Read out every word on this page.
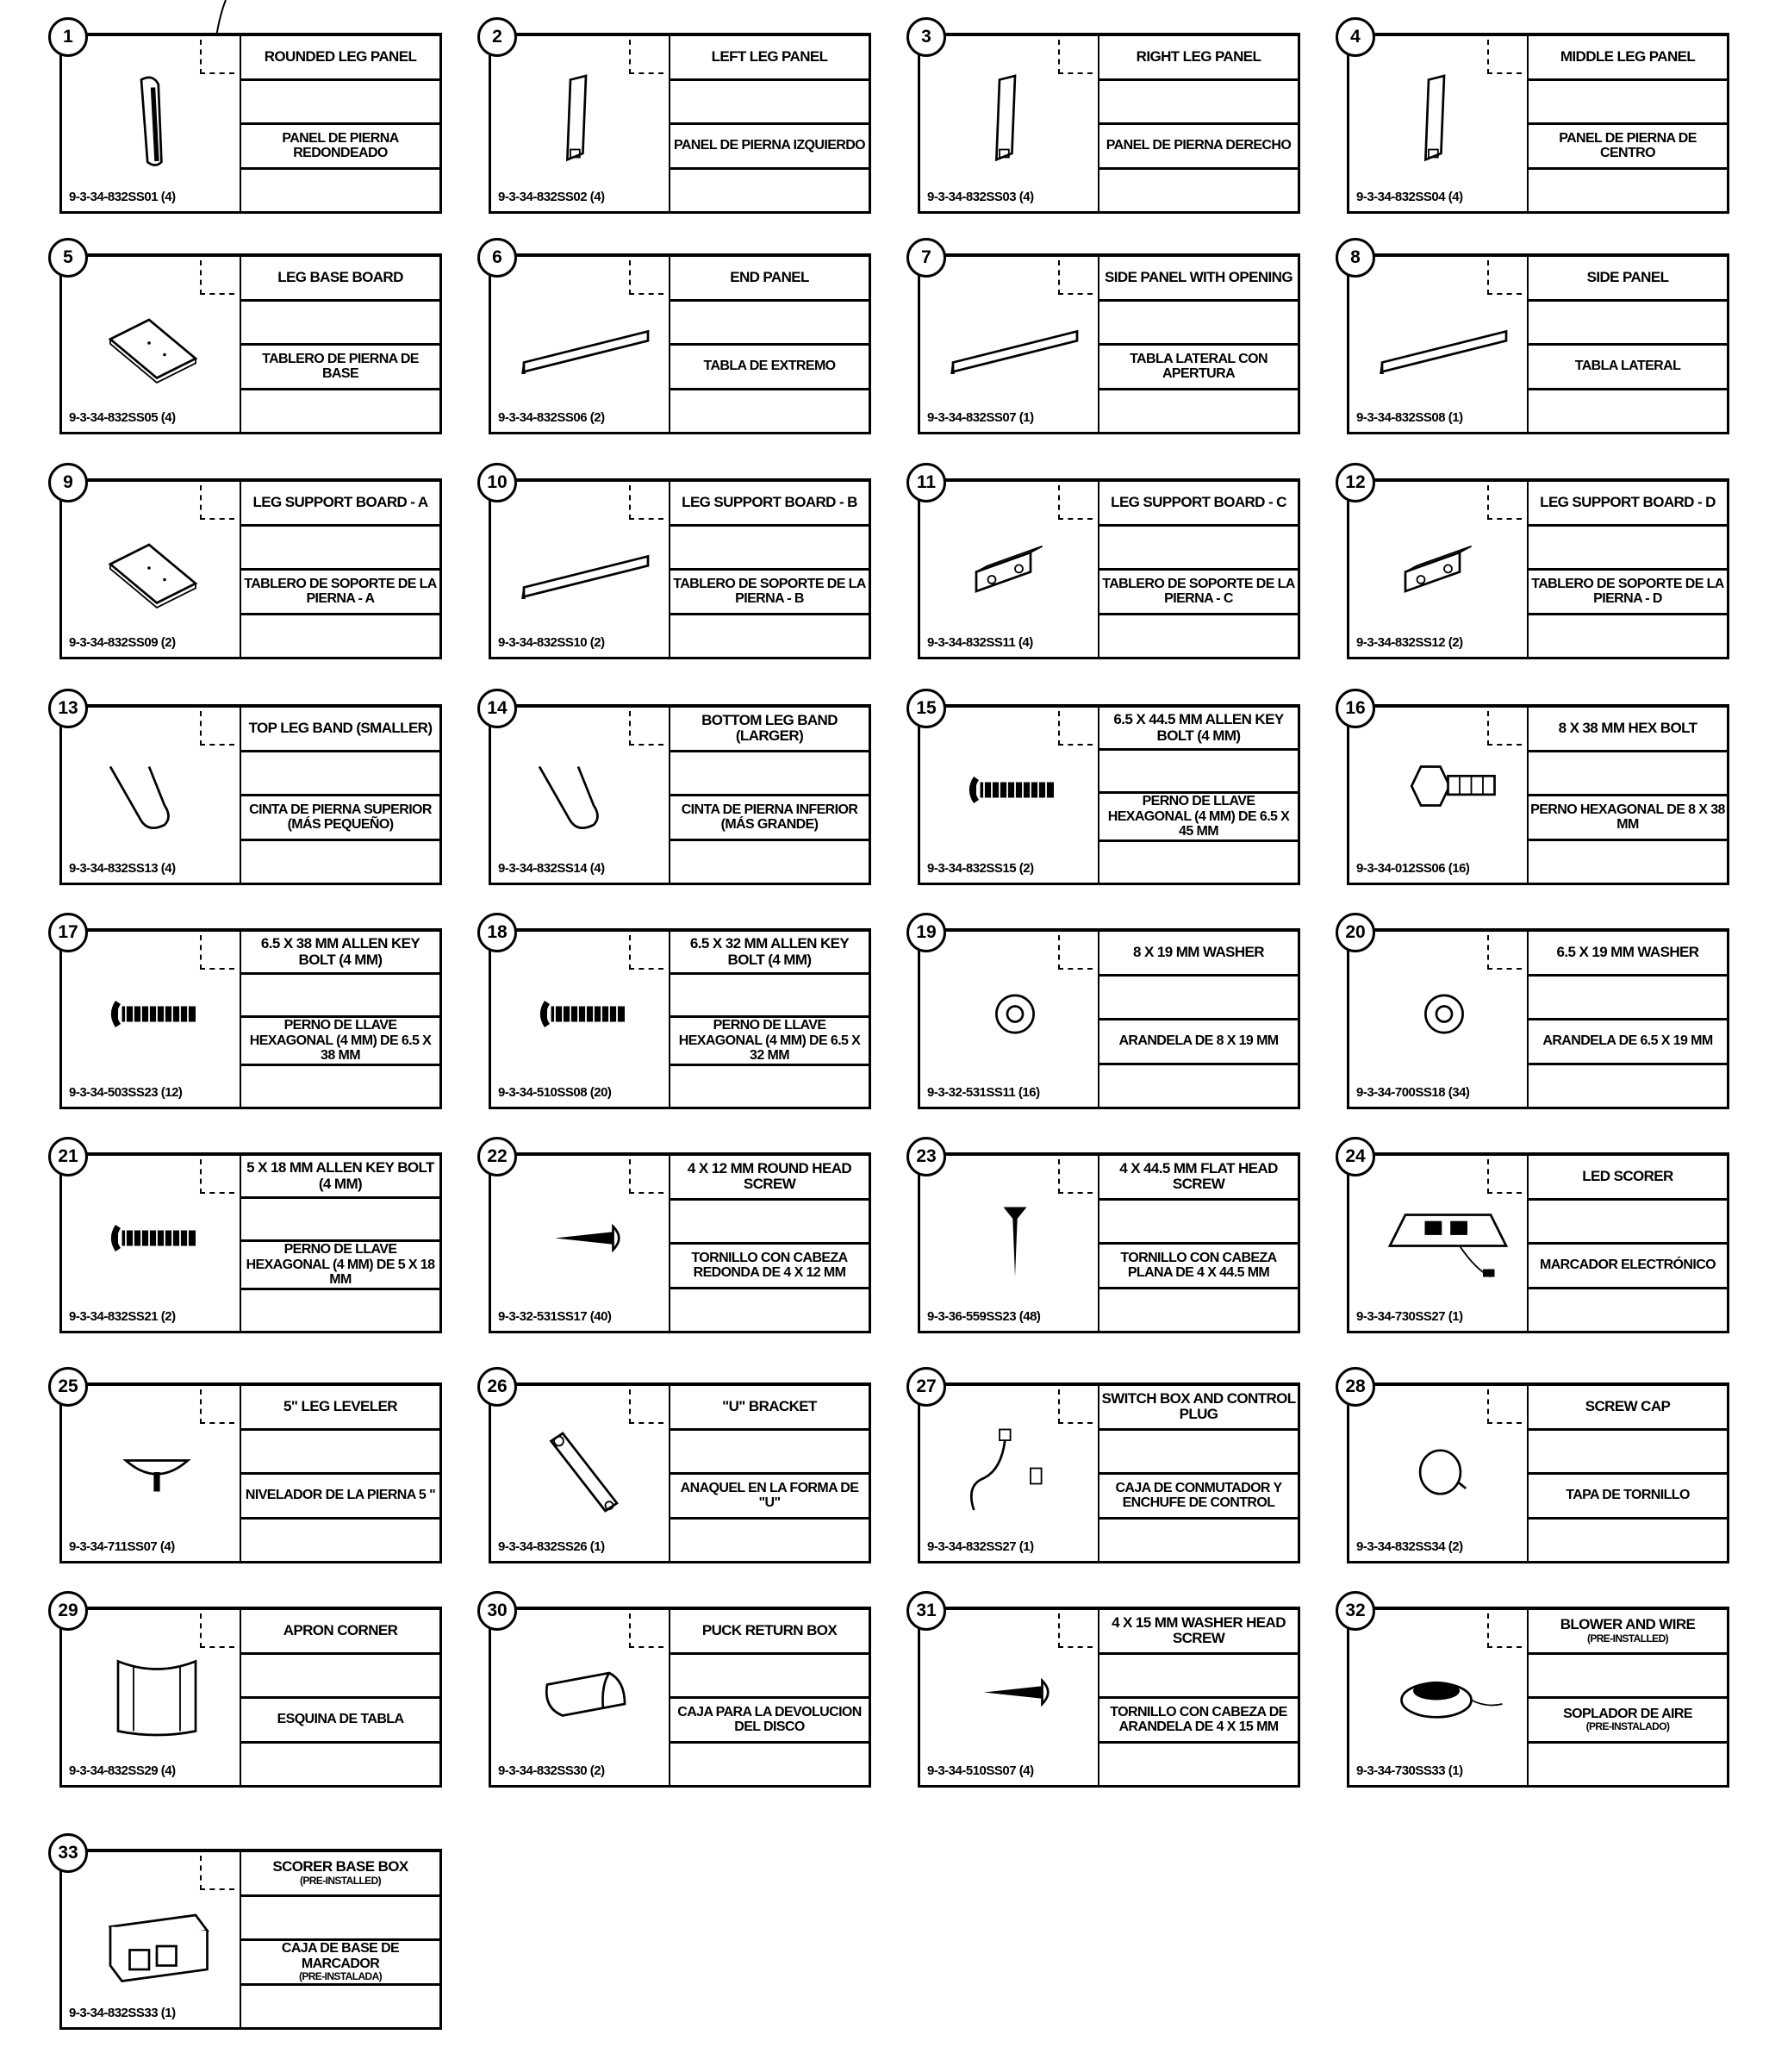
1
9-3-34-832SS01 (4)
ROUNDED LEG PANEL
PANEL DE PIERNA REDONDEADO
2
9-3-34-832SS02 (4)
LEFT LEG PANEL
PANEL DE PIERNA IZQUIERDO
3
9-3-34-832SS03 (4)
RIGHT LEG PANEL
PANEL DE PIERNA DERECHO
4
9-3-34-832SS04 (4)
MIDDLE LEG PANEL
PANEL DE PIERNA DE CENTRO
5
9-3-34-832SS05 (4)
LEG BASE BOARD
TABLERO DE PIERNA DE BASE
6
9-3-34-832SS06 (2)
END PANEL
TABLA DE EXTREMO
7
9-3-34-832SS07 (1)
SIDE PANEL WITH OPENING
TABLA LATERAL CON APERTURA
8
9-3-34-832SS08 (1)
SIDE PANEL
TABLA LATERAL
9
9-3-34-832SS09 (2)
LEG SUPPORT BOARD - A
TABLERO DE SOPORTE DE LA PIERNA - A
10
9-3-34-832SS10 (2)
LEG SUPPORT BOARD - B
TABLERO DE SOPORTE DE LA PIERNA - B
11
9-3-34-832SS11 (4)
LEG SUPPORT BOARD - C
TABLERO DE SOPORTE DE LA PIERNA - C
12
9-3-34-832SS12 (2)
LEG SUPPORT BOARD - D
TABLERO DE SOPORTE DE LA PIERNA - D
13
9-3-34-832SS13 (4)
TOP LEG BAND (SMALLER)
CINTA DE PIERNA SUPERIOR (MÁS PEQUEÑO)
14
9-3-34-832SS14 (4)
BOTTOM LEG BAND (LARGER)
CINTA DE PIERNA INFERIOR (MÁS GRANDE)
15
9-3-34-832SS15 (2)
6.5 X 44.5 MM ALLEN KEY BOLT (4 MM)
PERNO DE LLAVE HEXAGONAL (4 MM) DE 6.5 X 45 MM
16
9-3-34-012SS06 (16)
8 X 38 MM HEX BOLT
PERNO HEXAGONAL DE 8 X 38 MM
17
9-3-34-503SS23 (12)
6.5 X 38 MM ALLEN KEY BOLT (4 MM)
PERNO DE LLAVE HEXAGONAL (4 MM) DE 6.5 X 38 MM
18
9-3-34-510SS08 (20)
6.5 X 32 MM ALLEN KEY BOLT (4 MM)
PERNO DE LLAVE HEXAGONAL (4 MM) DE 6.5 X 32 MM
19
9-3-32-531SS11 (16)
8 X 19 MM WASHER
ARANDELA DE 8 X 19 MM
20
9-3-34-700SS18 (34)
6.5 X 19 MM WASHER
ARANDELA DE 6.5 X 19 MM
21
9-3-34-832SS21 (2)
5 X 18 MM ALLEN KEY BOLT (4 MM)
PERNO DE LLAVE HEXAGONAL (4 MM) DE 5 X 18 MM
22
9-3-32-531SS17 (40)
4 X 12 MM ROUND HEAD SCREW
TORNILLO CON CABEZA REDONDA DE 4 X 12 MM
23
9-3-36-559SS23 (48)
4 X 44.5 MM FLAT HEAD SCREW
TORNILLO CON CABEZA PLANA DE 4 X 44.5 MM
24
9-3-34-730SS27 (1)
LED SCORER
MARCADOR ELECTRÓNICO
25
9-3-34-711SS07 (4)
5" LEG LEVELER
NIVELADOR DE LA PIERNA 5 "
26
9-3-34-832SS26 (1)
"U" BRACKET
ANAQUEL EN LA FORMA DE "U"
27
9-3-34-832SS27 (1)
SWITCH BOX AND CONTROL PLUG
CAJA DE CONMUTADOR Y ENCHUFE DE CONTROL
28
9-3-34-832SS34 (2)
SCREW CAP
TAPA DE TORNILLO
29
9-3-34-832SS29 (4)
APRON CORNER
ESQUINA DE TABLA
30
9-3-34-832SS30 (2)
PUCK RETURN BOX
CAJA PARA LA DEVOLUCION DEL DISCO
31
9-3-34-510SS07 (4)
4 X 15 MM WASHER HEAD SCREW
TORNILLO CON CABEZA DE ARANDELA DE 4 X 15 MM
32
9-3-34-730SS33 (1)
BLOWER AND WIRE
(PRE-INSTALLED)
SOPLADOR DE AIRE
(PRE-INSTALADO)
33
9-3-34-832SS33 (1)
SCORER BASE BOX
(PRE-INSTALLED)
CAJA DE BASE DE MARCADOR
(PRE-INSTALADA)
